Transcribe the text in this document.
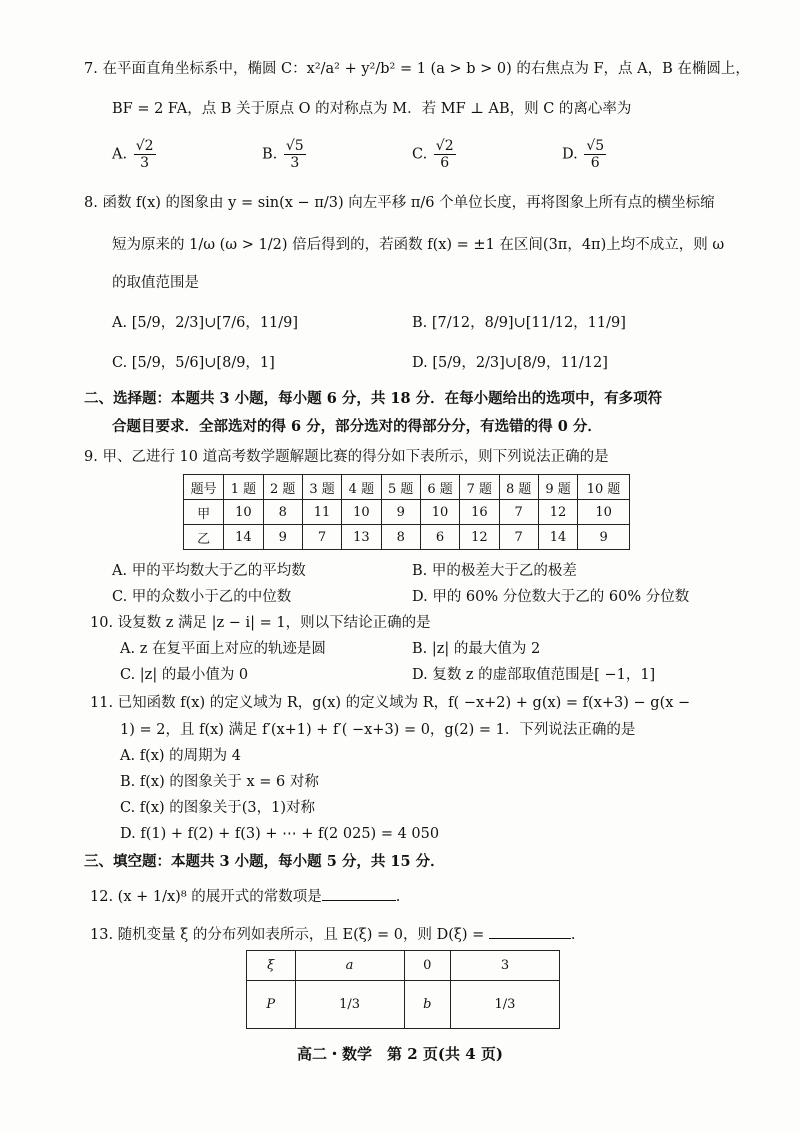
7. 在平面直角坐标系中，椭圆 C：x²/a² + y²/b² = 1 (a > b > 0) 的右焦点为 F，点 A，B 在椭圆上，
BF = 2 FA，点 B 关于原点 O 的对称点为 M．若 MF ⊥ AB，则 C 的离心率为
A. $\frac{√2}{3}$	B. $\frac{√5}{3}$	C. $\frac{√2}{6}$	D. $\frac{√5}{6}$
8. 函数 f(x) 的图象由 y = sin(x − π/3) 向左平移 π/6 个单位长度，再将图象上所有点的横坐标缩
短为原来的 1/ω (ω > 1/2) 倍后得到的，若函数 f(x) = ±1 在区间(3π，4π)上均不成立，则 ω
的取值范围是
A. [5/9，2/3]∪[7/6，11/9]	B. [7/12，8/9]∪[11/12，11/9]
C. [5/9，5/6]∪[8/9，1]	D. [5/9，2/3]∪[8/9，11/12]
二、选择题：本题共 3 小题，每小题 6 分，共 18 分．在每小题给出的选项中，有多项符
合题目要求．全部选对的得 6 分，部分选对的得部分分，有选错的得 0 分．
9. 甲、乙进行 10 道高考数学题解题比赛的得分如下表所示，则下列说法正确的是
题号	1 题	2 题	3 题	4 题	5 题	6 题	7 题	8 题	9 题	10 题
甲	10	8	11	10	9	10	16	7	12	10
乙	14	9	7	13	8	6	12	7	14	9
A. 甲的平均数大于乙的平均数	B. 甲的极差大于乙的极差
C. 甲的众数小于乙的中位数	D. 甲的 60% 分位数大于乙的 60% 分位数
10. 设复数 z 满足 |z − i| = 1，则以下结论正确的是
A. z 在复平面上对应的轨迹是圆	B. |z| 的最大值为 2
C. |z| 的最小值为 0	D. 复数 z 的虚部取值范围是[ −1，1]
11. 已知函数 f(x) 的定义域为 R，g(x) 的定义域为 R，f( −x+2) + g(x) = f(x+3) − g(x −
1) = 2，且 f(x) 满足 f′(x+1) + f′( −x+3) = 0，g(2) = 1．下列说法正确的是
A. f(x) 的周期为 4
B. f(x) 的图象关于 x = 6 对称
C. f(x) 的图象关于(3，1)对称
D. f(1) + f(2) + f(3) + ⋯ + f(2 025) = 4 050
三、填空题：本题共 3 小题，每小题 5 分，共 15 分．
12. (x + 1/x)⁸ 的展开式的常数项是	.
13. 随机变量 ξ 的分布列如表所示，且 E(ξ) = 0，则 D(ξ) =	.
ξ	a	0	3
P	1/3	b	1/3
高二・数学　第 2 页(共 4 页)
